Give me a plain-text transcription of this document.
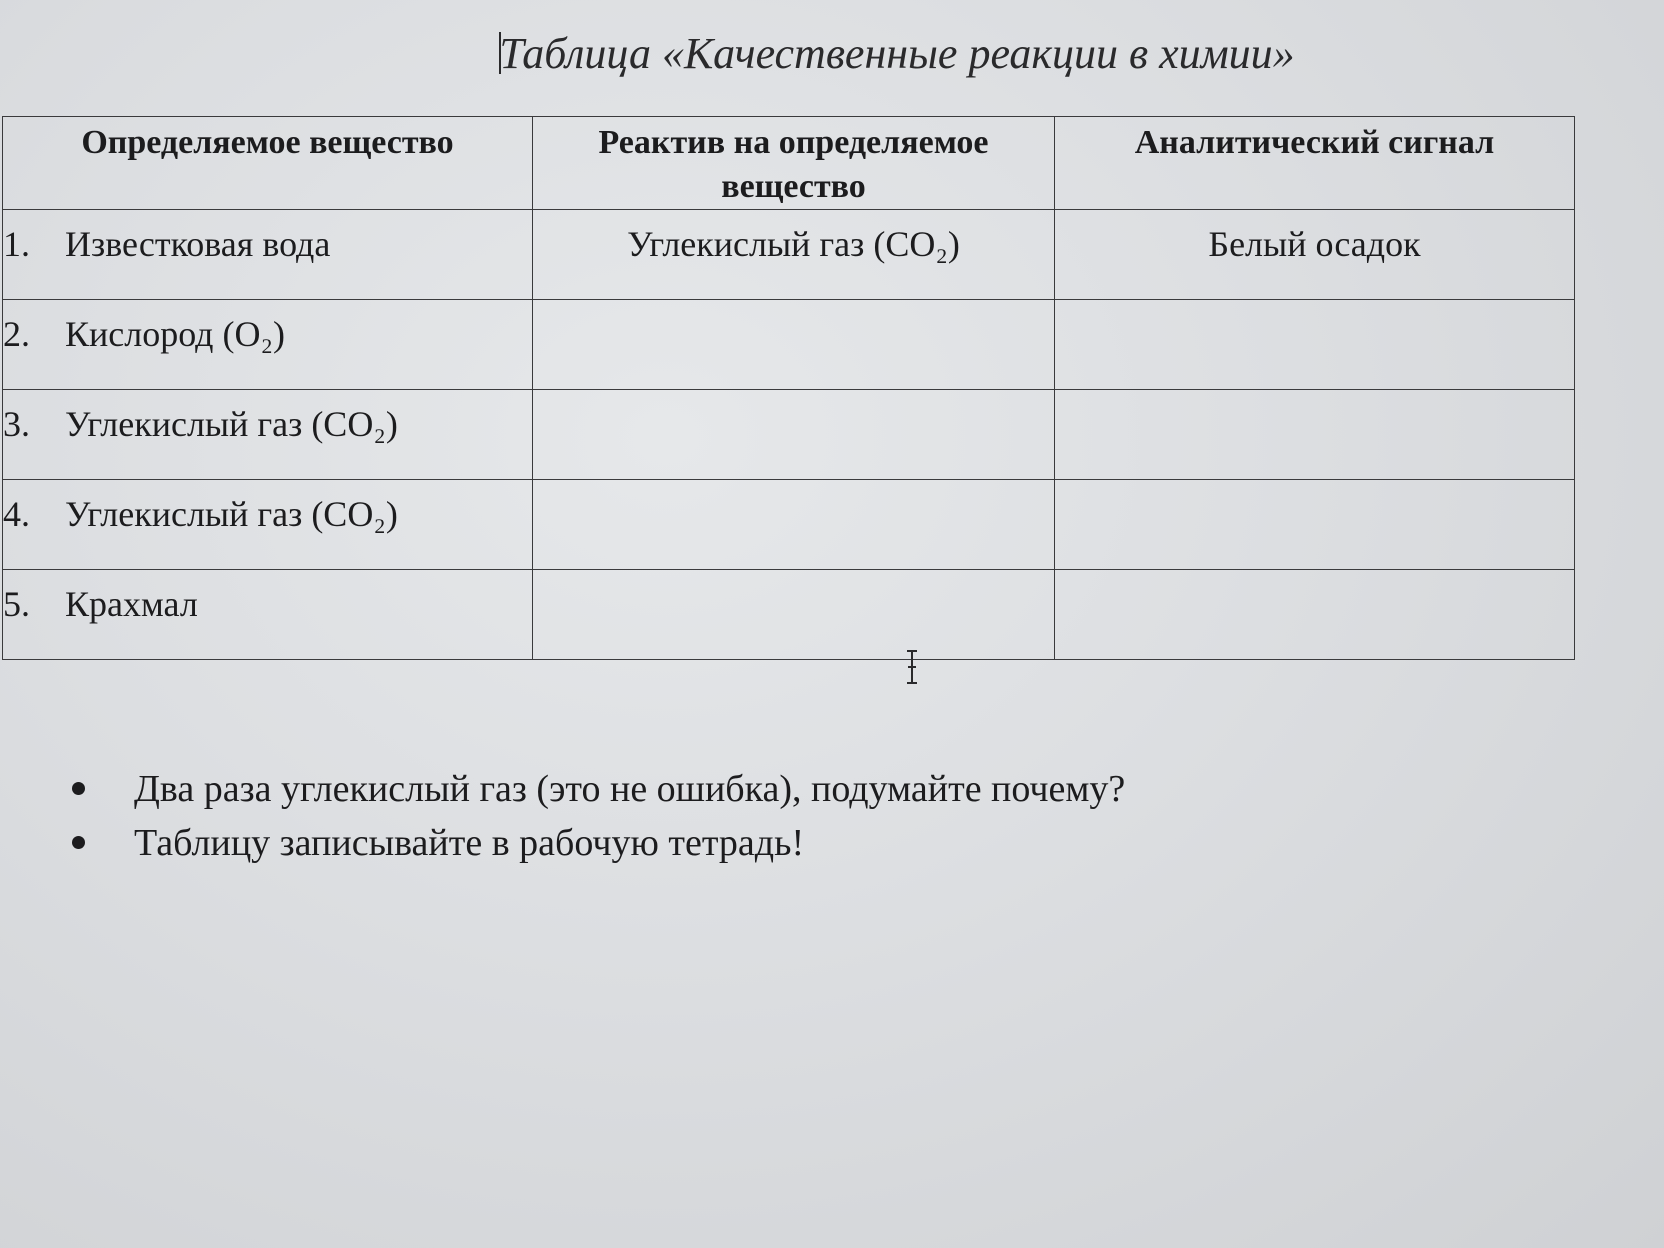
Таблица «Качественные реакции в химии»
Определяемое вещество	Реактив на определяемое вещество	Аналитический сигнал
1. Известковая вода	Углекислый газ (CO₂)	Белый осадок
2. Кислород (O₂)		
3. Углекислый газ (CO₂)		
4. Углекислый газ (CO₂)		
5. Крахмал		
Два раза углекислый газ (это не ошибка), подумайте почему?
Таблицу записывайте в рабочую тетрадь!
